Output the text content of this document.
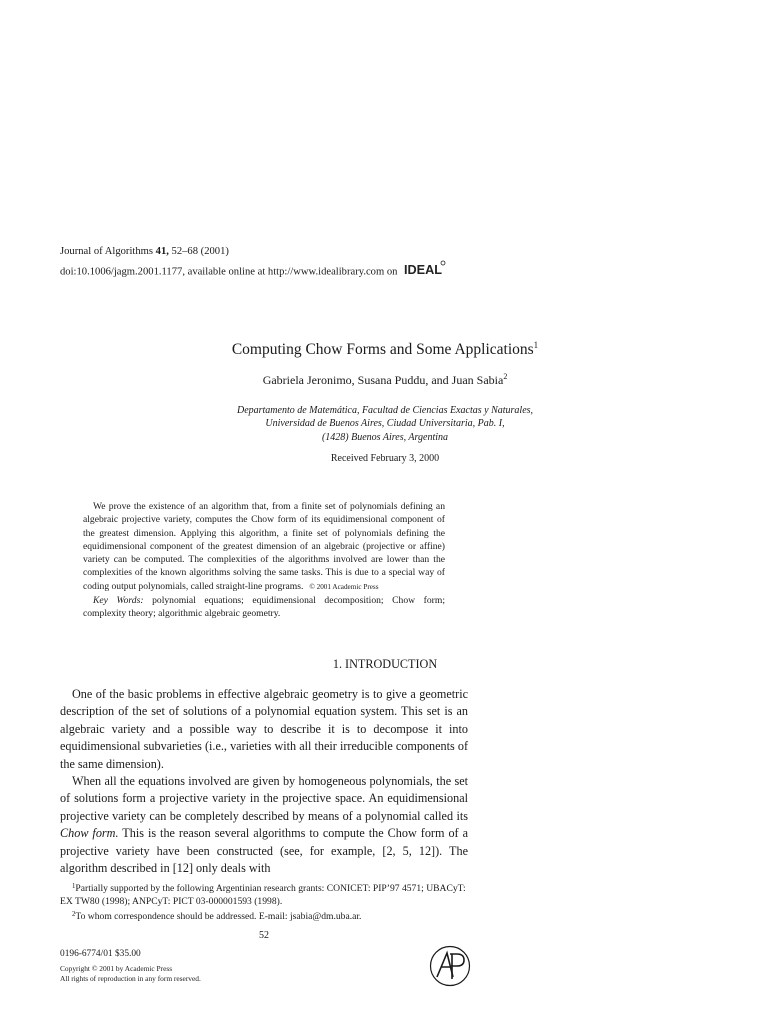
Journal of Algorithms 41, 52–68 (2001)
doi:10.1006/jagm.2001.1177, available online at http://www.idealibrary.com on IDEAL
Computing Chow Forms and Some Applications$^1$
Gabriela Jeronimo, Susana Puddu, and Juan Sabia$^2$
Departamento de Matemática, Facultad de Ciencias Exactas y Naturales,
Universidad de Buenos Aires, Ciudad Universitaria, Pab. I,
(1428) Buenos Aires, Argentina
Received February 3, 2000

We prove the existence of an algorithm that, from a finite set of polynomials defining an algebraic projective variety, computes the Chow form of its equidimensional component of the greatest dimension. Applying this algorithm, a finite set of polynomials defining the equidimensional component of the greatest dimension of an algebraic (projective or affine) variety can be computed. The complexities of the algorithms involved are lower than the complexities of the known algorithms solving the same tasks. This is due to a special way of coding output polynomials, called straight-line programs. © 2001 Academic Press

Key Words: polynomial equations; equidimensional decomposition; Chow form; complexity theory; algorithmic algebraic geometry.

1. INTRODUCTION

One of the basic problems in effective algebraic geometry is to give a geometric description of the set of solutions of a polynomial equation system. This set is an algebraic variety and a possible way to describe it is to decompose it into equidimensional subvarieties (i.e., varieties with all their irreducible components of the same dimension).

When all the equations involved are given by homogeneous polynomials, the set of solutions form a projective variety in the projective space. An equidimensional projective variety can be completely described by means of a polynomial called its Chow form. This is the reason several algorithms to compute the Chow form of a projective variety have been constructed (see, for example, [2, 5, 12]). The algorithm described in [12] only deals with

$^1$Partially supported by the following Argentinian research grants: CONICET: PIP’97 4571; UBACyT: EX TW80 (1998); ANPCyT: PICT 03-000001593 (1998).

$^2$To whom correspondence should be addressed. E-mail: jsabia@dm.uba.ar.

52
0196-6774/01 $35.00
Copyright © 2001 by Academic Press
All rights of reproduction in any form reserved.
